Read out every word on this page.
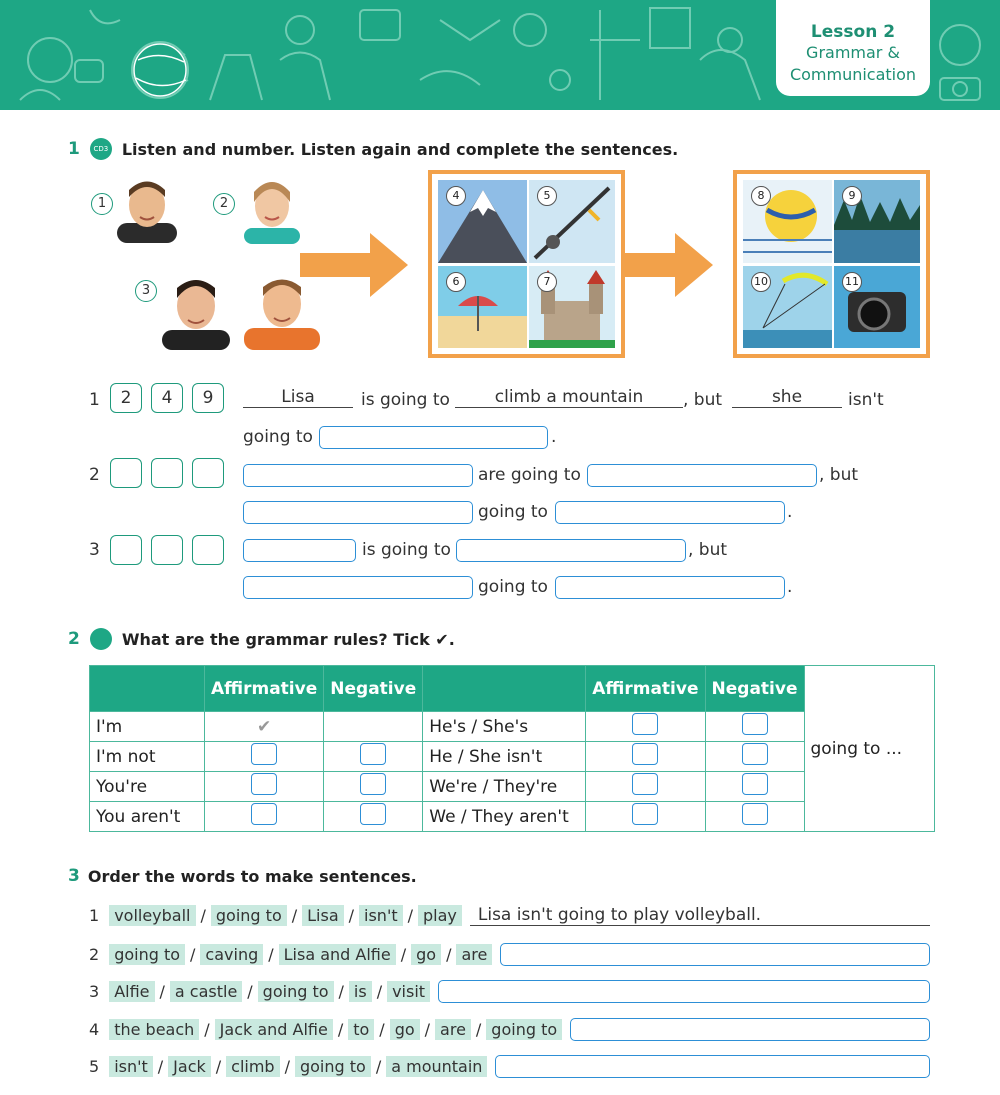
Lesson 2
Grammar &
Communication
1	CD3 31
Listen and number. Listen again and complete the sentences.
1	2
3
4	5
6	7
8	9
10	11
1	2	4	9	Lisa	is going to	climb a mountain	, but	she	isn't
going to	.
2	are going to	, but
going to	.
3	is going to	, but
going to	.
2	What are the grammar rules? Tick ✔.
	Affirmative	Negative		Affirmative	Negative	going to ...
I'm	✔		He's / She's			
I'm not			He / She isn't			
You're			We're / They're			
You aren't			We / They aren't			
3 Order the words to make sentences.
1 volleyball / going to / Lisa / isn't / play	Lisa isn't going to play volleyball.
2 going to / caving / Lisa and Alfie / go / are
3 Alfie / a castle / going to / is / visit
4 the beach / Jack and Alfie / to / go / are / going to
5 isn't / Jack / climb / going to / a mountain
